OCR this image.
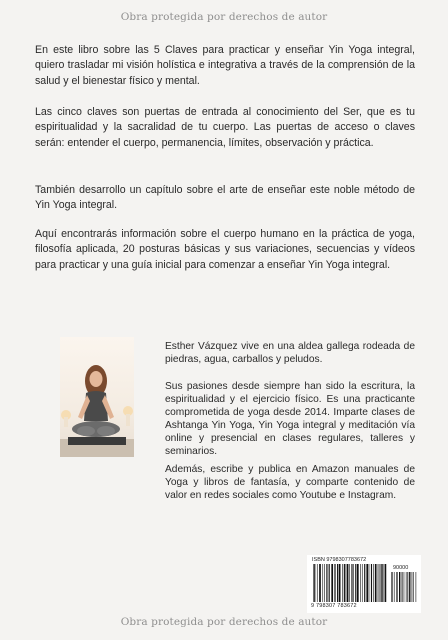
Obra protegida por derechos de autor

En este libro sobre las 5 Claves para practicar y enseñar Yin Yoga integral, quiero trasladar mi visión holística e integrativa a través de la comprensión de la salud y el bienestar físico y mental.

Las cinco claves son puertas de entrada al conocimiento del Ser, que es tu espiritualidad y la sacralidad de tu cuerpo. Las puertas de acceso o claves serán: entender el cuerpo, permanencia, límites, observación y práctica.

También desarrollo un capítulo sobre el arte de enseñar este noble método de Yin Yoga integral.

Aquí encontrarás información sobre el cuerpo humano en la práctica de yoga, filosofía aplicada, 20 posturas básicas y sus variaciones, secuencias y vídeos para practicar y una guía inicial para comenzar a enseñar Yin Yoga integral.

Esther Vázquez vive en una aldea gallega rodeada de piedras, agua, carballos y peludos.

Sus pasiones desde siempre han sido la escritura, la espiritualidad y el ejercicio físico. Es una practicante comprometida de yoga desde 2014. Imparte clases de Ashtanga Yin Yoga, Yin Yoga integral y meditación vía online y presencial en clases regulares, talleres y seminarios.

Además, escribe y publica en Amazon manuales de Yoga y libros de fantasía, y comparte contenido de valor en redes sociales como Youtube e Instagram.

ISBN 9798307783672
90000
9 798307 783672
Obra protegida por derechos de autor
